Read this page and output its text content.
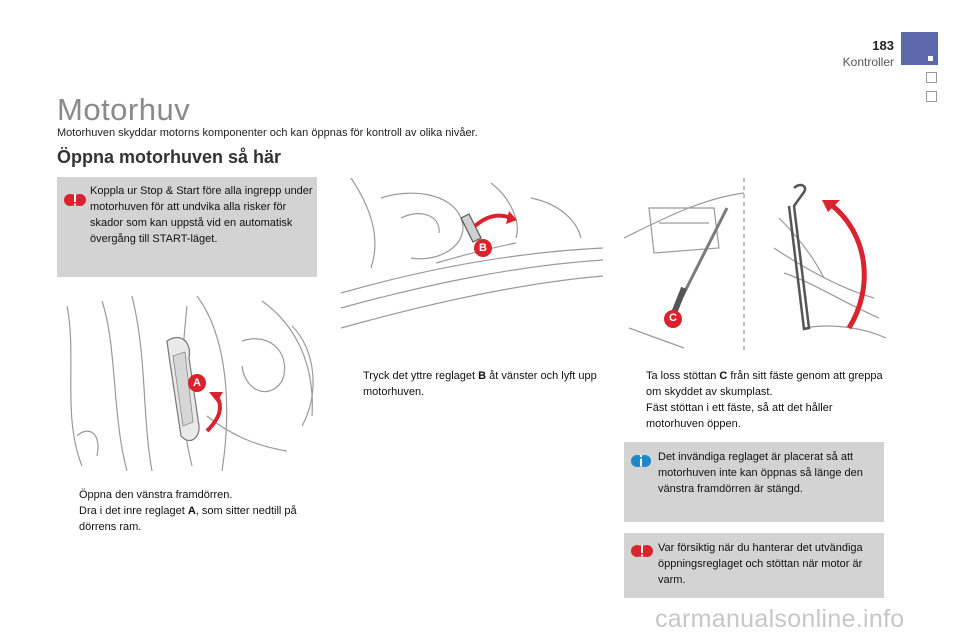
183
Kontroller
Motorhuv
Motorhuven skyddar motorns komponenter och kan öppnas för kontroll av olika nivåer.
Öppna motorhuven så här
Koppla ur Stop & Start före alla ingrepp under motorhuven för att undvika alla risker för skador som kan uppstå vid en automatisk övergång till START-läget.
A
B
C
Öppna den vänstra framdörren.
Dra i det inre reglaget A, som sitter nedtill på dörrens ram.
Tryck det yttre reglaget B åt vänster och lyft upp motorhuven.
Ta loss stöttan C från sitt fäste genom att greppa om skyddet av skumplast.
Fäst stöttan i ett fäste, så att det håller motorhuven öppen.
Det invändiga reglaget är placerat så att motorhuven inte kan öppnas så länge den vänstra framdörren är stängd.
Var försiktig när du hanterar det utvändiga öppningsreglaget och stöttan när motor är varm.
carmanualsonline.info
